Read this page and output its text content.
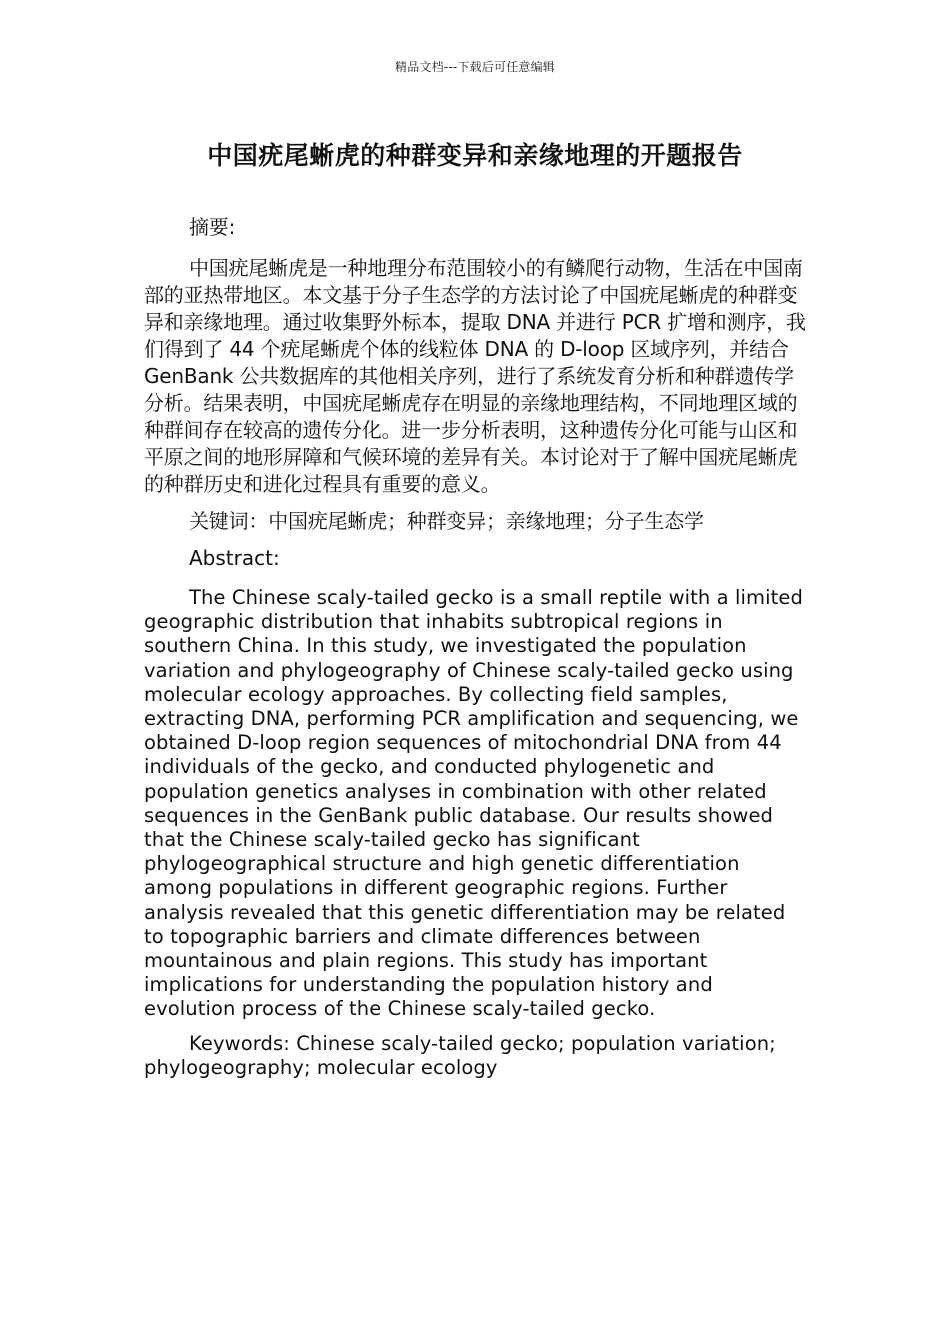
精品文档---下载后可任意编辑
中国疣尾蜥虎的种群变异和亲缘地理的开题报告
摘要:

中国疣尾蜥虎是一种地理分布范围较小的有鳞爬行动物，生活在中国南部的亚热带地区。本文基于分子生态学的方法讨论了中国疣尾蜥虎的种群变异和亲缘地理。通过收集野外标本，提取 DNA 并进行 PCR 扩增和测序，我们得到了 44 个疣尾蜥虎个体的线粒体 DNA 的 D-loop 区域序列，并结合 GenBank 公共数据库的其他相关序列，进行了系统发育分析和种群遗传学分析。结果表明，中国疣尾蜥虎存在明显的亲缘地理结构，不同地理区域的种群间存在较高的遗传分化。进一步分析表明，这种遗传分化可能与山区和平原之间的地形屏障和气候环境的差异有关。本讨论对于了解中国疣尾蜥虎的种群历史和进化过程具有重要的意义。

关键词：中国疣尾蜥虎；种群变异；亲缘地理；分子生态学

Abstract:

The Chinese scaly-tailed gecko is a small reptile with a limited geographic distribution that inhabits subtropical regions in southern China. In this study, we investigated the population variation and phylogeography of Chinese scaly-tailed gecko using molecular ecology approaches. By collecting field samples, extracting DNA, performing PCR amplification and sequencing, we obtained D-loop region sequences of mitochondrial DNA from 44 individuals of the gecko, and conducted phylogenetic and population genetics analyses in combination with other related sequences in the GenBank public database. Our results showed that the Chinese scaly-tailed gecko has significant phylogeographical structure and high genetic differentiation among populations in different geographic regions. Further analysis revealed that this genetic differentiation may be related to topographic barriers and climate differences between mountainous and plain regions. This study has important implications for understanding the population history and evolution process of the Chinese scaly-tailed gecko.

Keywords: Chinese scaly-tailed gecko; population variation; phylogeography; molecular ecology
